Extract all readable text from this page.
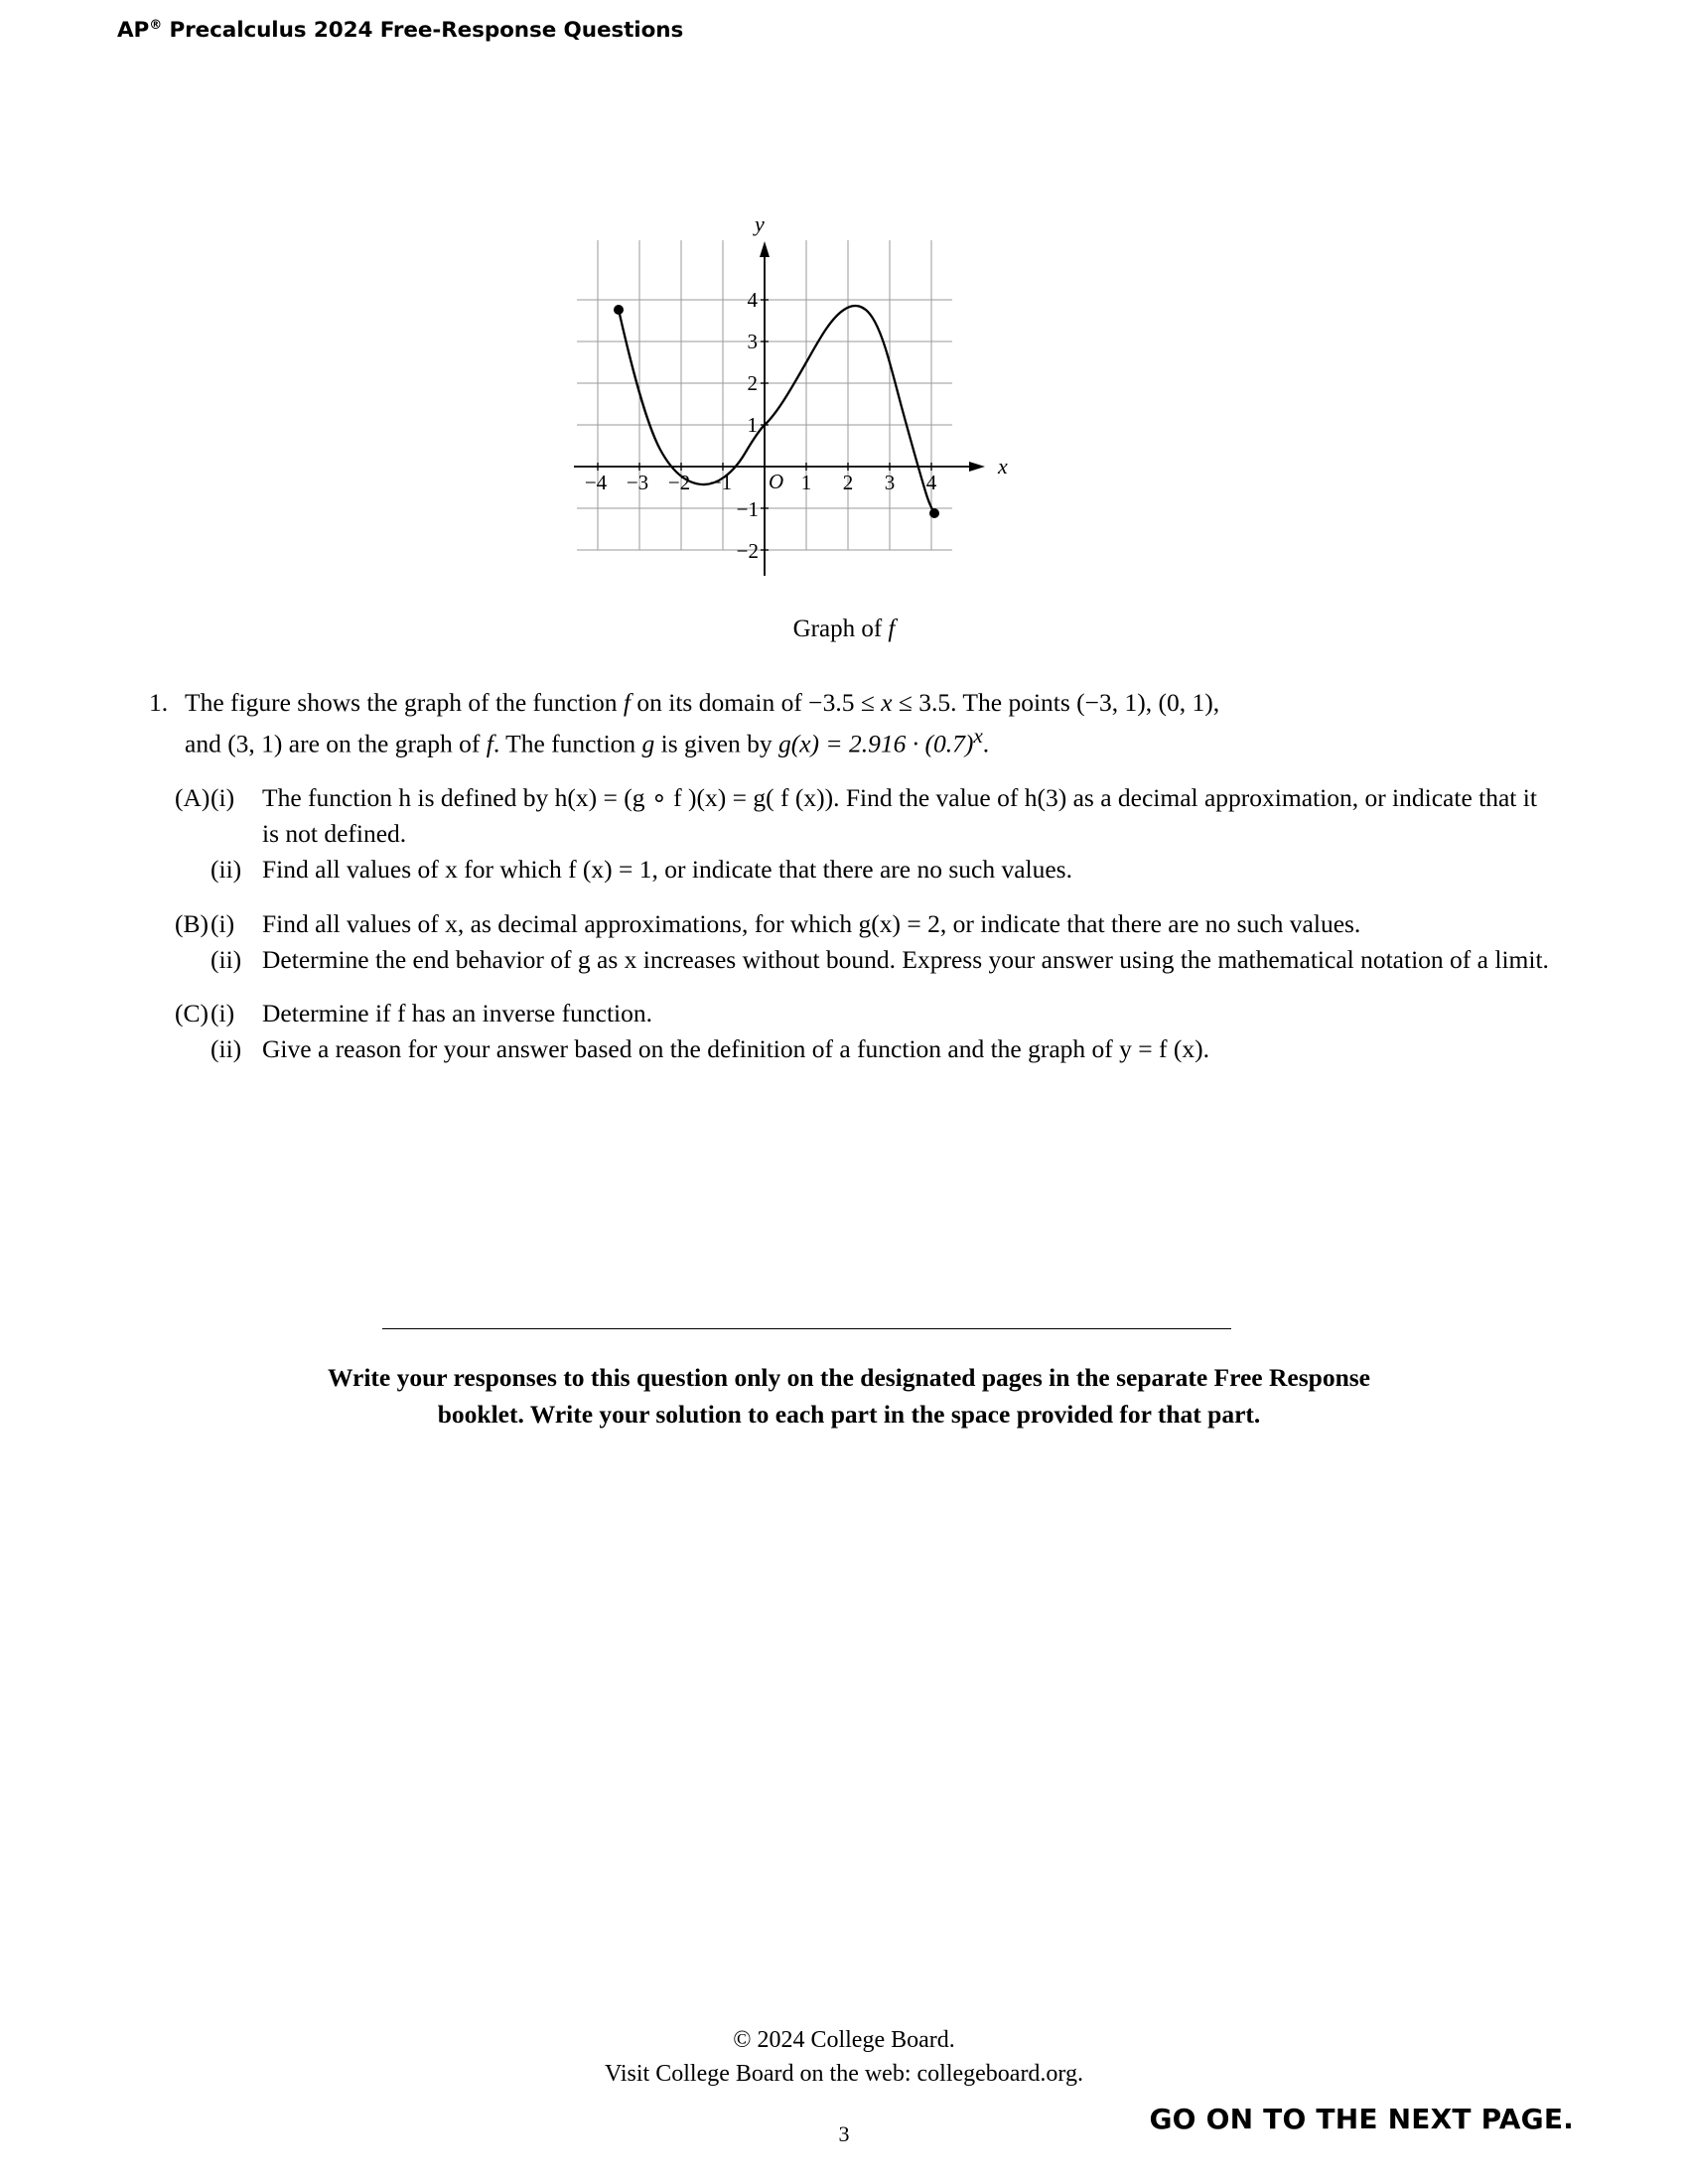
AP® Precalculus 2024 Free-Response Questions
x
y
O
−4 −3 −2 −1	1 2 3 4
4
3
2
1
−1
−2
Graph of f
1. The figure shows the graph of the function f on its domain of −3.5 ≤ x ≤ 3.5. The points (−3, 1), (0, 1),
and (3, 1) are on the graph of f. The function g is given by $g(x) = 2.916 \cdot (0.7)^x$.
(A) (i)	The function h is defined by h(x) = (g ∘ f )(x) = g( f (x)). Find the value of h(3) as a decimal approximation, or indicate that it is not defined.
(ii) Find all values of x for which f (x) = 1, or indicate that there are no such values.
(B) (i)	Find all values of x, as decimal approximations, for which g(x) = 2, or indicate that there are no such values.
(ii) Determine the end behavior of g as x increases without bound. Express your answer using the mathematical notation of a limit.
(C) (i)	Determine if f has an inverse function.
(ii) Give a reason for your answer based on the definition of a function and the graph of y = f (x).
Write your responses to this question only on the designated pages in the separate Free Response
booklet. Write your solution to each part in the space provided for that part.
© 2024 College Board.
Visit College Board on the web: collegeboard.org.
3	GO ON TO THE NEXT PAGE.
